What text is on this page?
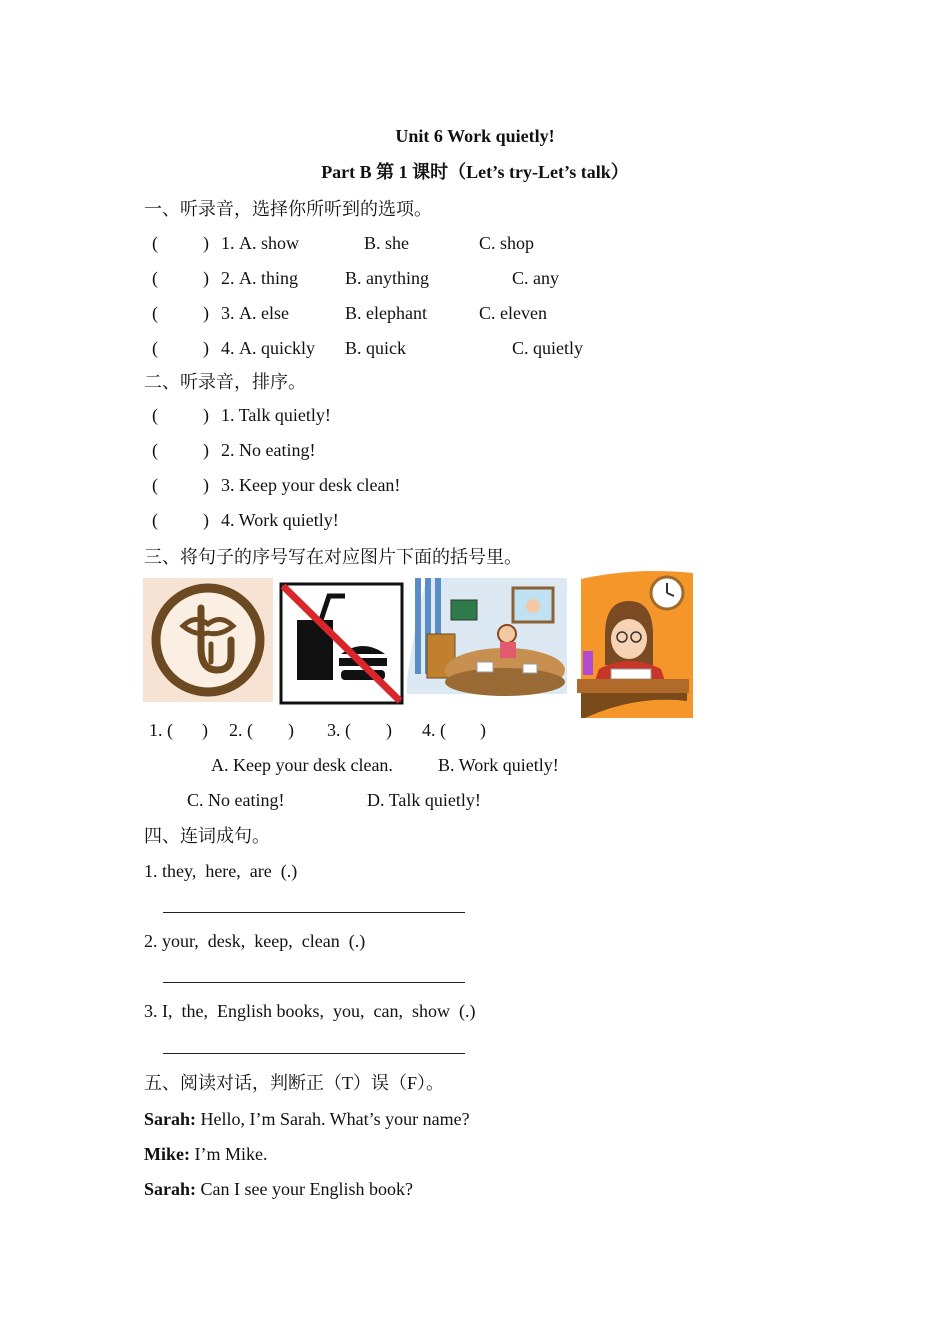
Unit 6 Work quietly!
Part B 第 1 课时（Let’s try-Let’s talk）
一、听录音，选择你所听到的选项。
(	) 1. A. show	B. she	C. shop
(	) 2. A. thing	B. anything	C. any
(	) 3. A. else	B. elephant	C. eleven
(	) 4. A. quickly B. quick	C. quietly
二、听录音，排序。
(	) 1. Talk quietly!
(	) 2. No eating!
(	) 3. Keep your desk clean!
(	) 4. Work quietly!
三、将句子的序号写在对应图片下面的括号里。
1. ( ) 2. ( ) 3. ( ) 4. ( )
A. Keep your desk clean.	B. Work quietly!
C. No eating!	D. Talk quietly!
四、连词成句。
1. they,  here,  are  (.)
2. your,  desk,  keep,  clean  (.)
3. I,  the,  English books,  you,  can,  show  (.)
五、阅读对话，判断正（T）误（F）。
Sarah: Hello, I’m Sarah. What’s your name?
Mike: I’m Mike.
Sarah: Can I see your English book?
